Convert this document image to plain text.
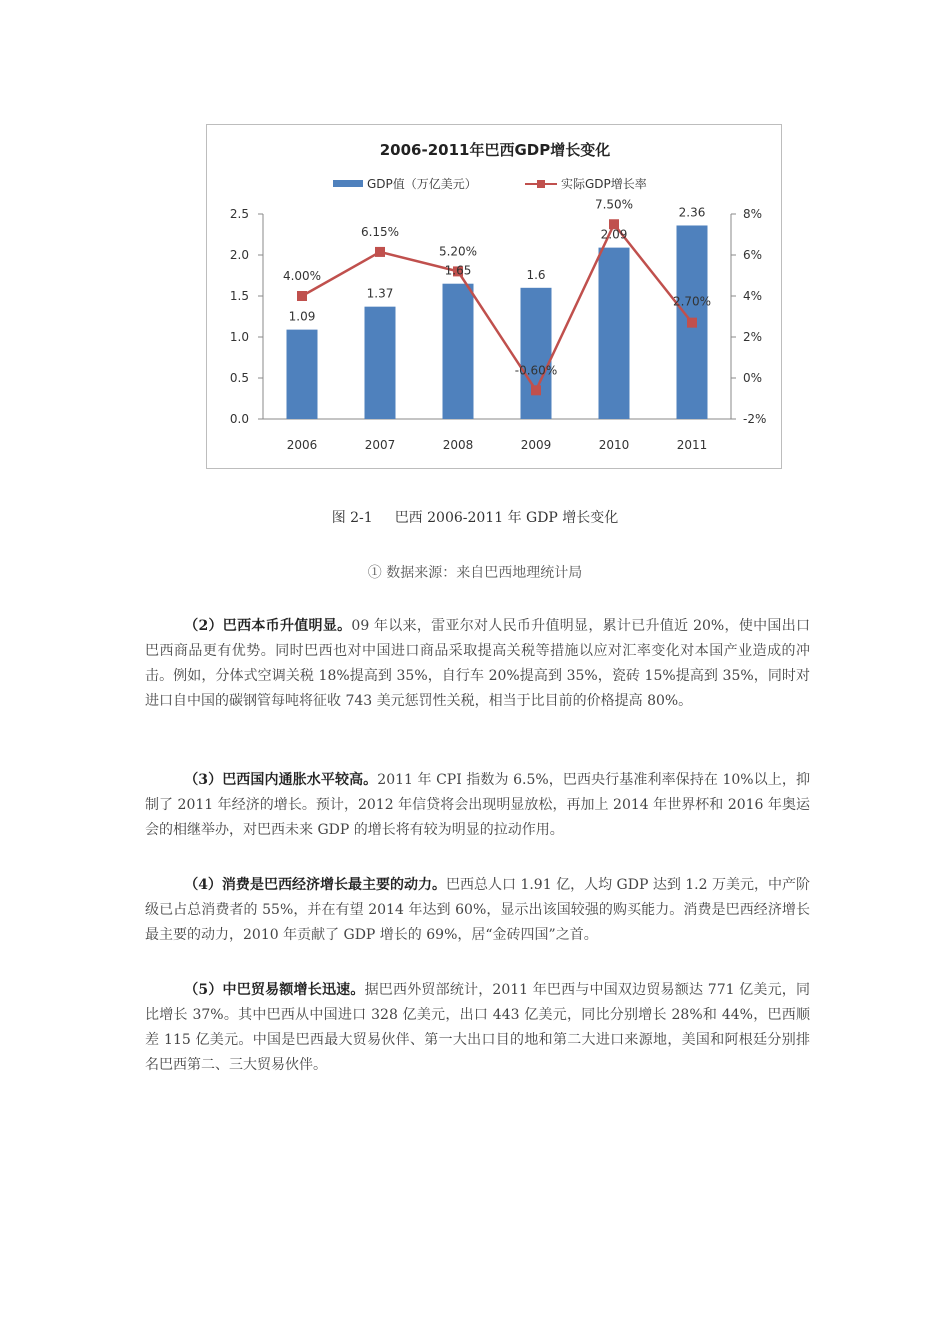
2006-2011年巴西GDP增长变化
GDP值（万亿美元）	实际GDP增长率
0.0
0.5
1.0
1.5
2.0
2.5
-2%
0%
2%
4%
6%
8%
2006	2007	2008	2009	2010	2011
1.09
1.37
1.65	1.6
2.09
2.36
4.00%
6.15%
5.20%
-0.60%
7.50%
2.70%
图 2-1 巴西 2006-2011 年 GDP 增长变化
① 数据来源：来自巴西地理统计局
（2）巴西本币升值明显。09 年以来，雷亚尔对人民币升值明显，累计已升值近 20%，使中国出口巴西商品更有优势。同时巴西也对中国进口商品采取提高关税等措施以应对汇率变化对本国产业造成的冲击。例如，分体式空调关税 18%提高到 35%，自行车 20%提高到 35%，瓷砖 15%提高到 35%，同时对进口自中国的碳钢管每吨将征收 743 美元惩罚性关税，相当于比目前的价格提高 80%。
（3）巴西国内通胀水平较高。2011 年 CPI 指数为 6.5%，巴西央行基准利率保持在 10%以上，抑制了 2011 年经济的增长。预计，2012 年信贷将会出现明显放松，再加上 2014 年世界杯和 2016 年奥运会的相继举办，对巴西未来 GDP 的增长将有较为明显的拉动作用。
（4）消费是巴西经济增长最主要的动力。巴西总人口 1.91 亿，人均 GDP 达到 1.2 万美元，中产阶级已占总消费者的 55%，并在有望 2014 年达到 60%，显示出该国较强的购买能力。消费是巴西经济增长最主要的动力，2010 年贡献了 GDP 增长的 69%，居“金砖四国”之首。
（5）中巴贸易额增长迅速。据巴西外贸部统计，2011 年巴西与中国双边贸易额达 771 亿美元，同比增长 37%。其中巴西从中国进口 328 亿美元，出口 443 亿美元，同比分别增长 28%和 44%，巴西顺差 115 亿美元。中国是巴西最大贸易伙伴、第一大出口目的地和第二大进口来源地，美国和阿根廷分别排名巴西第二、三大贸易伙伴。
